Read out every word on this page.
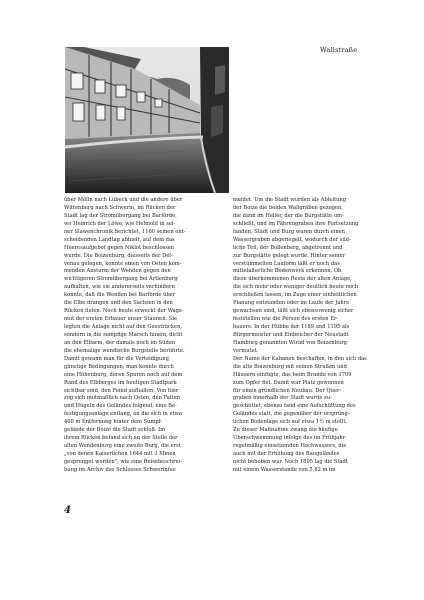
Wallstraße
über Mölln nach Lübeck und die andere über
Wittenburg nach Schwerin, im Rücken der
Stadt lag der Stromübergang bei Barförde.
wo Heinrich der Löwe, wie Helmold in sei-
ner Slawenchronik berichtet, 1160 seinen ent-
scheidenden Landtag abhielt, auf dem das
Heeresaufgebot gegen Niklot beschlossen
wurde. Die Boizenburg, diesseits der Del-
venau gelegen, konnte einen von Osten kom-
menden Ansturm der Wenden gegen den
wichtigeren Stromübergang bei Artlenburg
aufhalten, wie sie andererseits verhindern
konnte, daß die Wenden bei Barförde über
die Elbe drangen und den Sachsen in den
Rücken fielen. Noch heute erweckt der Wage-
mut der ersten Erbauer unser Staunen. Sie
legten die Anlage nicht auf den Geestrücken,
sondern in die sumpfige Marsch hinein, dicht
an den Elbarm, der damals noch im Süden
die ehemalige wendische Burgstelle berührte.
Damit gewann man für die Verteidigung
günstige Bedingungen, man konnte durch
eine Höhenburg, deren Spuren noch auf dem
Rand des Elbberges im heutigen Stadtpark
sichtbar sind, den Feind aufhalten. Von hier
zog sich mutmaßlich nach Osten, den Falten
und Hügeln des Geländes folgend, eine Be-
festigungsanlage entlang, an die sich in etwa
400 m Entfernung hinter dem Sumpf-
gelände der Boize die Stadt schloß. Im
ihrem Rücken befand sich an der Stelle der
alten Wendenburg eine zweite Burg, die erst
„von denen Kaiserlichen 1644 mit 3 Minen
gesprenget worden", wie eine Reisebeschrei-
bung im Archiv des Schlosses Schwerinfee
meldet. Um die Stadt wurden als Ableitung
der Boize die beiden Wallgräben gezogen,
die dann im Heller, der die Burgstätte um-
schließt, und im Fährengraben ihre Fortsetzung
fanden. Stadt und Burg waren durch einen
Wassergraben abgeriegelt, wodurch der süd-
liche Teil, der Bollenberg, abgetrennt und
zur Burgstätte gelegt wurde. Hinter seiner
verstümmelten Lauform läßt er noch das
mittelalterliche Bodenwerk erkennen. Ob
diese überkommenen Reste der alten Anlage,
die sich mehr oder weniger deutlich heute noch
erschließen lassen, im Zuge einer einheitlichen
Planung entstanden oder im Laufe der Jahre
gewachsen sind, läßt sich ebensowenig sicher
feststellen wie die Person des ersten Er-
bauers. In der Hübbe der 1189 und 1195 als
Bürgermeister und Einbeicher der Neustadt
Hamburg genannten Wirad von Boizenburg
vermutet.
Der Name der Kabanen beschaffen, in den sich das
die alte Boizenburg mit seinen Straßen und
Häusern einfügte, das beim Brande von 1709
zum Opfer fiel. Damit war Platz gewonnen
für einen gründlichen Neubau. Der Quer-
graben innerhalb der Stadt wurde zu-
geschüttet, ebenso fand eine Aufschüttung des
Geländes statt, die gegenüber der ursprüng-
lichen Bodenlage sich auf etwa 1½ m stellt.
Zu dieser Maßnahme zwang die häufige
Überschwemmung infolge des im Frühjahr
regelmäßig einsetzenden Hochwassers, die
auch mit der Erhöhung des Baugeländes
nicht behoben war. Noch 1895 lag die Stadt
mit einem Wasserstande von 5,82 m im
4
